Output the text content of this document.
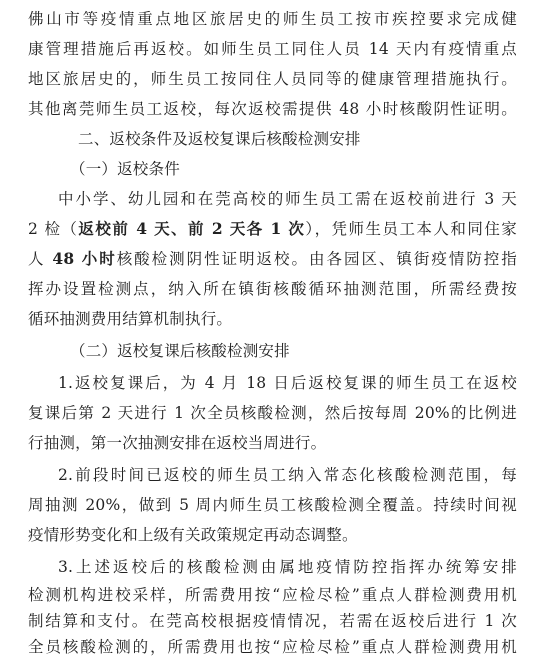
佛山市等疫情重点地区旅居史的师生员工按市疾控要求完成健
康管理措施后再返校。如师生员工同住人员 14 天内有疫情重点
地区旅居史的，师生员工按同住人员同等的健康管理措施执行。
其他离莞师生员工返校，每次返校需提供 48 小时核酸阴性证明。
二、返校条件及返校复课后核酸检测安排
（一）返校条件
中小学、幼儿园和在莞高校的师生员工需在返校前进行 3 天
2 检（返校前 4 天、前 2 天各 1 次），凭师生员工本人和同住家
人 48 小时核酸检测阴性证明返校。由各园区、镇街疫情防控指
挥办设置检测点，纳入所在镇街核酸循环抽测范围，所需经费按
循环抽测费用结算机制执行。
（二）返校复课后核酸检测安排
1.返校复课后，为 4 月 18 日后返校复课的师生员工在返校
复课后第 2 天进行 1 次全员核酸检测，然后按每周 20%的比例进
行抽测，第一次抽测安排在返校当周进行。
2.前段时间已返校的师生员工纳入常态化核酸检测范围，每
周抽测 20%，做到 5 周内师生员工核酸检测全覆盖。持续时间视
疫情形势变化和上级有关政策规定再动态调整。
3.上述返校后的核酸检测由属地疫情防控指挥办统筹安排
检测机构进校采样，所需费用按“应检尽检”重点人群检测费用机
制结算和支付。在莞高校根据疫情情况，若需在返校后进行 1 次
全员核酸检测的，所需费用也按“应检尽检”重点人群检测费用机
